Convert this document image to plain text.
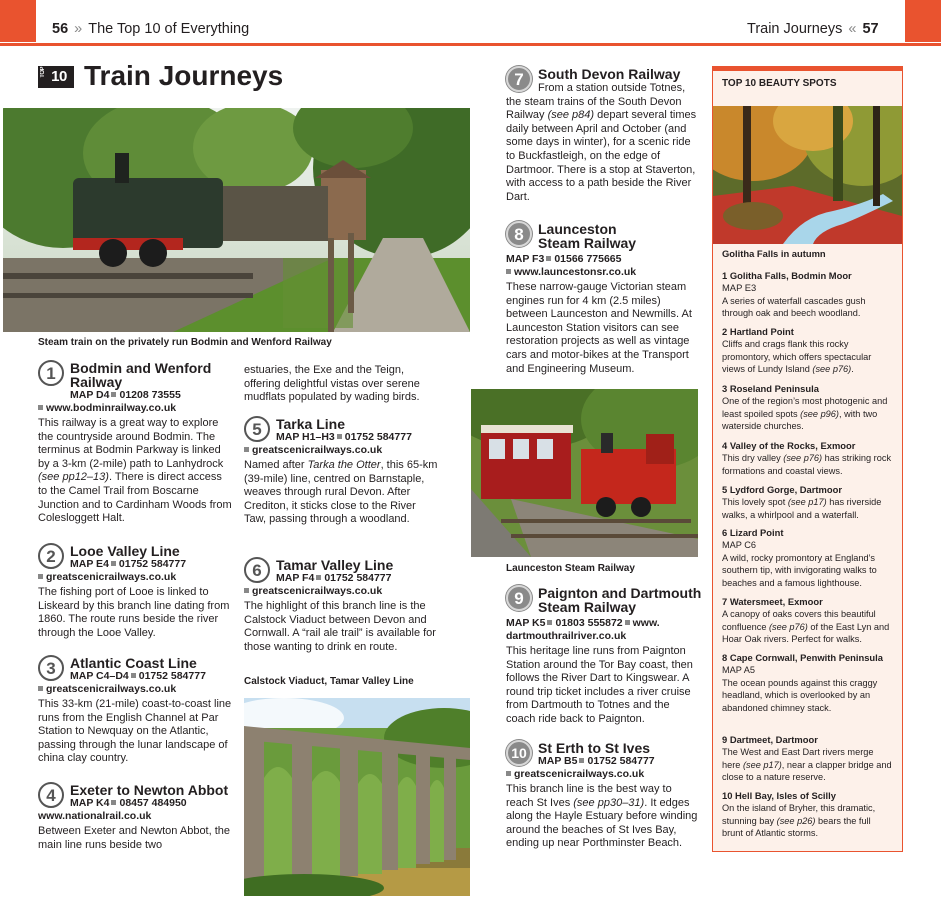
56 » The Top 10 of Everything	Train Journeys « 57
TOP 10 Train Journeys
Steam train on the privately run Bodmin and Wenford Railway
1	Bodmin and Wenford Railway
MAP D4 01208 73555
www.bodminrailway.co.uk
This railway is a great way to explore the countryside around Bodmin. The terminus at Bodmin Parkway is linked by a 3-km (2-mile) path to Lanhydrock (see pp12–13). There is direct access to the Camel Trail from Boscarne Junction and to Cardinham Woods from Colesloggett Halt.
2	Looe Valley Line
MAP E4 01752 584777
greatscenicrailways.co.uk
The fishing port of Looe is linked to Liskeard by this branch line dating from 1860. The route runs beside the river through the Looe Valley.
3	Atlantic Coast Line
MAP C4–D4 01752 584777
greatscenicrailways.co.uk
This 33-km (21-mile) coast-to-coast line runs from the English Channel at Par Station to Newquay on the Atlantic, passing through the lunar landscape of china clay country.
4	Exeter to Newton Abbot
MAP K4 08457 484950
www.nationalrail.co.uk
Between Exeter and Newton Abbot, the main line runs beside two
estuaries, the Exe and the Teign, offering delightful vistas over serene mudflats populated by wading birds.
5	Tarka Line
MAP H1–H3 01752 584777
greatscenicrailways.co.uk
Named after Tarka the Otter, this 65-km (39-mile) line, centred on Barnstaple, weaves through rural Devon. After Crediton, it sticks close to the River Taw, passing through a woodland.
6	Tamar Valley Line
MAP F4 01752 584777
greatscenicrailways.co.uk
The highlight of this branch line is the Calstock Viaduct between Devon and Cornwall. A “rail ale trail” is available for those wanting to drink en route.
Calstock Viaduct, Tamar Valley Line
7	South Devon Railway
From a station outside Totnes, the steam trains of the South Devon Railway (see p84) depart several times daily between April and October (and some days in winter), for a scenic ride to Buckfastleigh, on the edge of Dartmoor. There is a stop at Staverton, with access to a path beside the River Dart.
8	Launceston Steam Railway
MAP F3 01566 775665
www.launcestonsr.co.uk
These narrow-gauge Victorian steam engines run for 4 km (2.5 miles) between Launceston and Newmills. At Launceston Station visitors can see restoration projects as well as vintage cars and motor-bikes at the Transport and Engineering Museum.
Launceston Steam Railway
9	Paignton and Dartmouth Steam Railway
MAP K5 01803 555872 www.
dartmouthrailriver.co.uk
This heritage line runs from Paignton Station around the Tor Bay coast, then follows the River Dart to Kingswear. A round trip ticket includes a river cruise from Dartmouth to Totnes and the coach ride back to Paignton.
10 St Erth to St Ives
MAP B5 01752 584777
greatscenicrailways.co.uk
This branch line is the best way to reach St Ives (see pp30–31). It edges along the Hayle Estuary before winding around the beaches of St Ives Bay, ending up near Porthminster Beach.
TOP 10 BEAUTY SPOTS
Golitha Falls in autumn
1 Golitha Falls, Bodmin Moor
MAP E3
A series of waterfall cascades gush through oak and beech woodland.
2 Hartland Point
Cliffs and crags flank this rocky promontory, which offers spectacular views of Lundy Island (see p76).
3 Roseland Peninsula
One of the region’s most photogenic and least spoiled spots (see p96), with two waterside churches.
4 Valley of the Rocks, Exmoor
This dry valley (see p76) has striking rock formations and coastal views.
5 Lydford Gorge, Dartmoor
This lovely spot (see p17) has riverside walks, a whirlpool and a waterfall.
6 Lizard Point
MAP C6
A wild, rocky promontory at England’s southern tip, with invigorating walks to beaches and a famous lighthouse.
7 Watersmeet, Exmoor
A canopy of oaks covers this beautiful confluence (see p76) of the East Lyn and Hoar Oak rivers. Perfect for walks.
8 Cape Cornwall, Penwith Peninsula
MAP A5
The ocean pounds against this craggy headland, which is overlooked by an abandoned chimney stack.
9 Dartmeet, Dartmoor
The West and East Dart rivers merge here (see p17), near a clapper bridge and close to a nature reserve.
10 Hell Bay, Isles of Scilly
On the island of Bryher, this dramatic, stunning bay (see p26) bears the full brunt of Atlantic storms.
